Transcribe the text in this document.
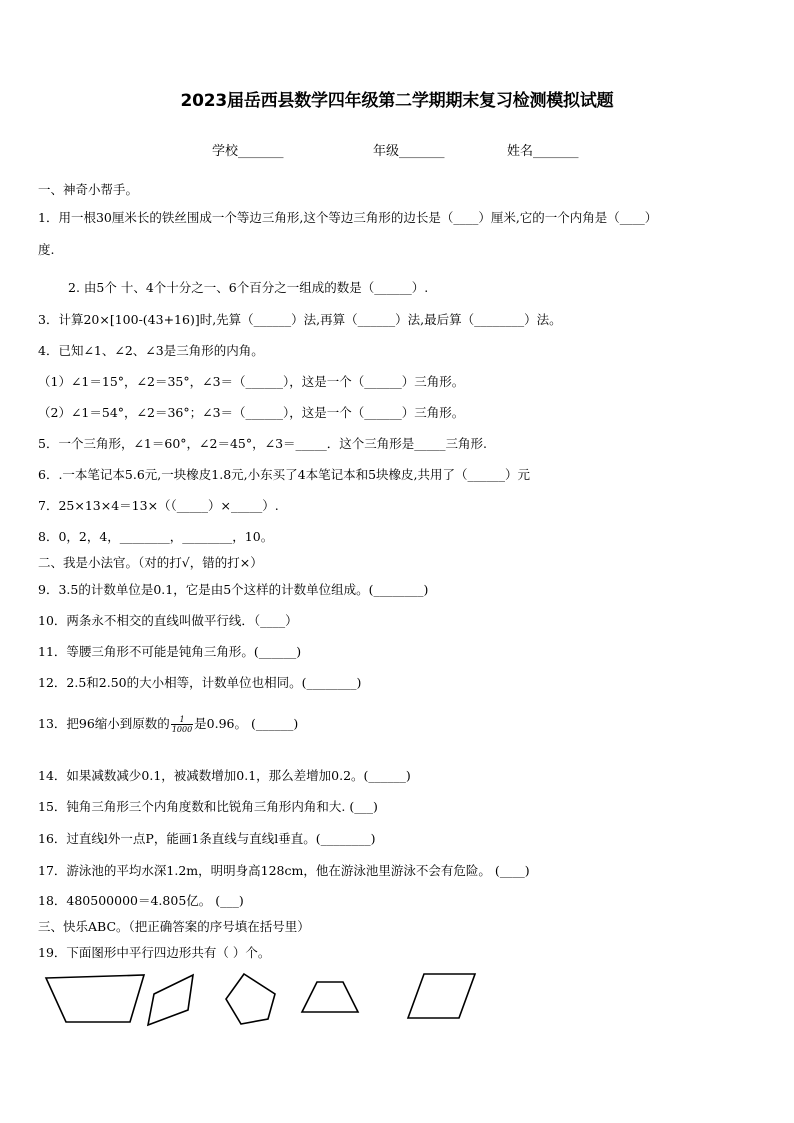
2023届岳西县数学四年级第二学期期末复习检测模拟试题
学校_______	年级_______	姓名_______
一、神奇小帮手。
1．用一根30厘米长的铁丝围成一个等边三角形,这个等边三角形的边长是（____）厘米,它的一个内角是（____）
度.
2. 由5个 十、4个十分之一、6个百分之一组成的数是（______）.
3．计算20×[100-(43+16)]时,先算（______）法,再算（______）法,最后算（________）法。
4．已知∠1、∠2、∠3是三角形的内角。
（1）∠1＝15°，∠2＝35°，∠3＝（______），这是一个（______）三角形。
（2）∠1＝54°，∠2＝36°；∠3＝（______），这是一个（______）三角形。
5．一个三角形，∠1＝60°，∠2＝45°，∠3＝_____．这个三角形是_____三角形.
6．.一本笔记本5.6元,一块橡皮1.8元,小东买了4本笔记本和5块橡皮,共用了（______）元
7．25×13×4＝13×（（_____）×_____）.
8．0，2，4，________，________，10。
二、我是小法官。（对的打√，错的打×）
9．3.5的计数单位是0.1，它是由5个这样的计数单位组成。(________)
10．两条永不相交的直线叫做平行线．（____）
11．等腰三角形不可能是钝角三角形。(______)
12．2.5和2.50的大小相等，计数单位也相同。(________)
13．把96缩小到原数的 $\frac{1}{1000}$ 是0.96。 (______)
14．如果减数减少0.1，被减数增加0.1，那么差增加0.2。(______)
15．钝角三角形三个内角度数和比锐角三角形内角和大. (___)
16．过直线l外一点P，能画1条直线与直线l垂直。(________)
17．游泳池的平均水深1.2m，明明身高128cm，他在游泳池里游泳不会有危险。 (____)
18．480500000＝4.805亿。 (___)
三、快乐ABC。（把正确答案的序号填在括号里）
19．下面图形中平行四边形共有（ ）个。
